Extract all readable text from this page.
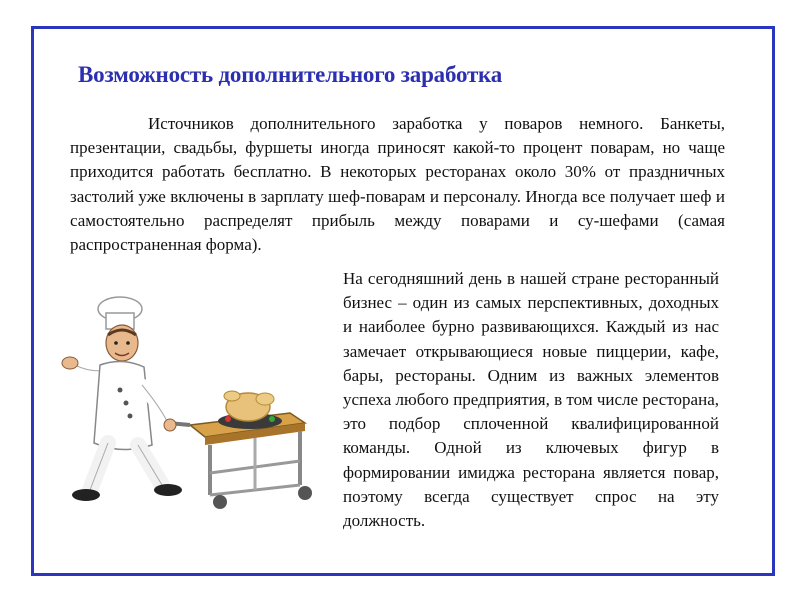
Возможность дополнительного заработка

Источников дополнительного заработка у поваров немного. Банкеты, презентации, свадьбы, фуршеты иногда приносят какой-то процент поварам, но чаще приходится работать бесплатно. В некоторых ресторанах около 30% от праздничных застолий уже включены в зарплату шеф-поварам и персоналу. Иногда все получает шеф и самостоятельно распределят прибыль между поварами и су-шефами (самая распространенная форма).

На сегодняшний день в нашей стране ресторанный бизнес – один из самых перспективных, доходных и наиболее бурно развивающихся. Каждый из нас замечает открывающиеся новые пиццерии, кафе, бары, рестораны. Одним из важных элементов успеха любого предприятия, в том числе ресторана, это подбор сплоченной квалифицированной команды. Одной из ключевых фигур в формировании имиджа ресторана является повар, поэтому всегда существует спрос на эту должность.
